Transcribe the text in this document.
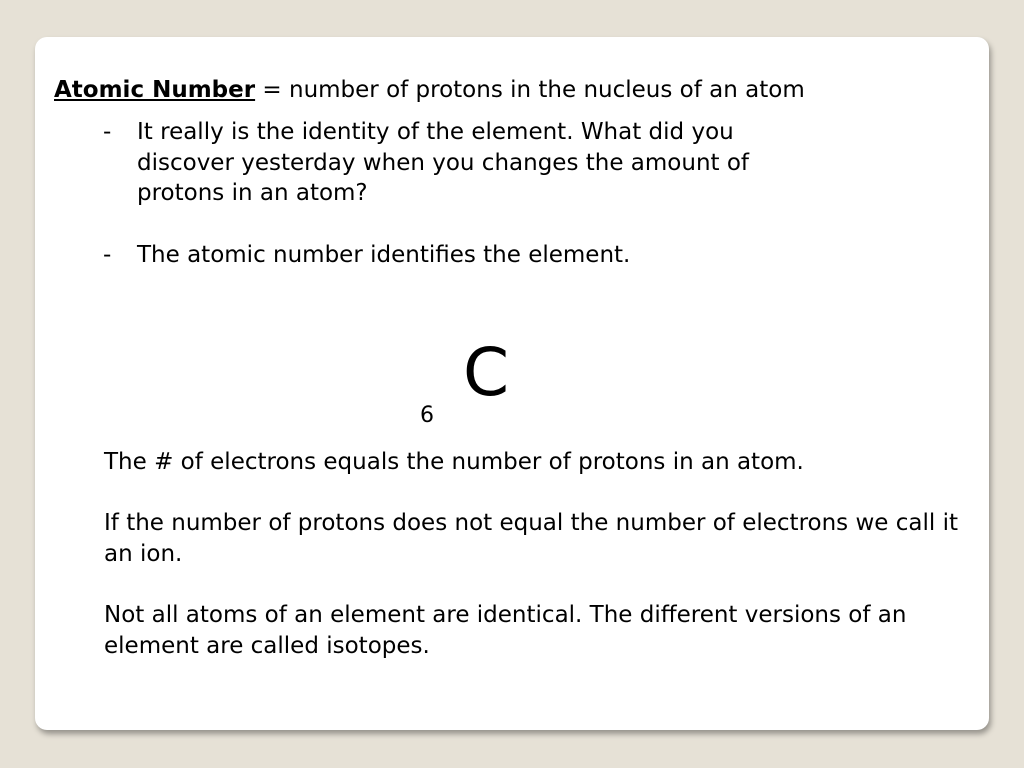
Atomic Number = number of protons in the nucleus of an atom
- It really is the identity of the element. What did you discover yesterday when you changes the amount of protons in an atom?
- The atomic number identifies the element.
6
C

The # of electrons equals the number of protons in an atom.

If the number of protons does not equal the number of electrons we call it an ion.

Not all atoms of an element are identical. The different versions of an element are called isotopes.
